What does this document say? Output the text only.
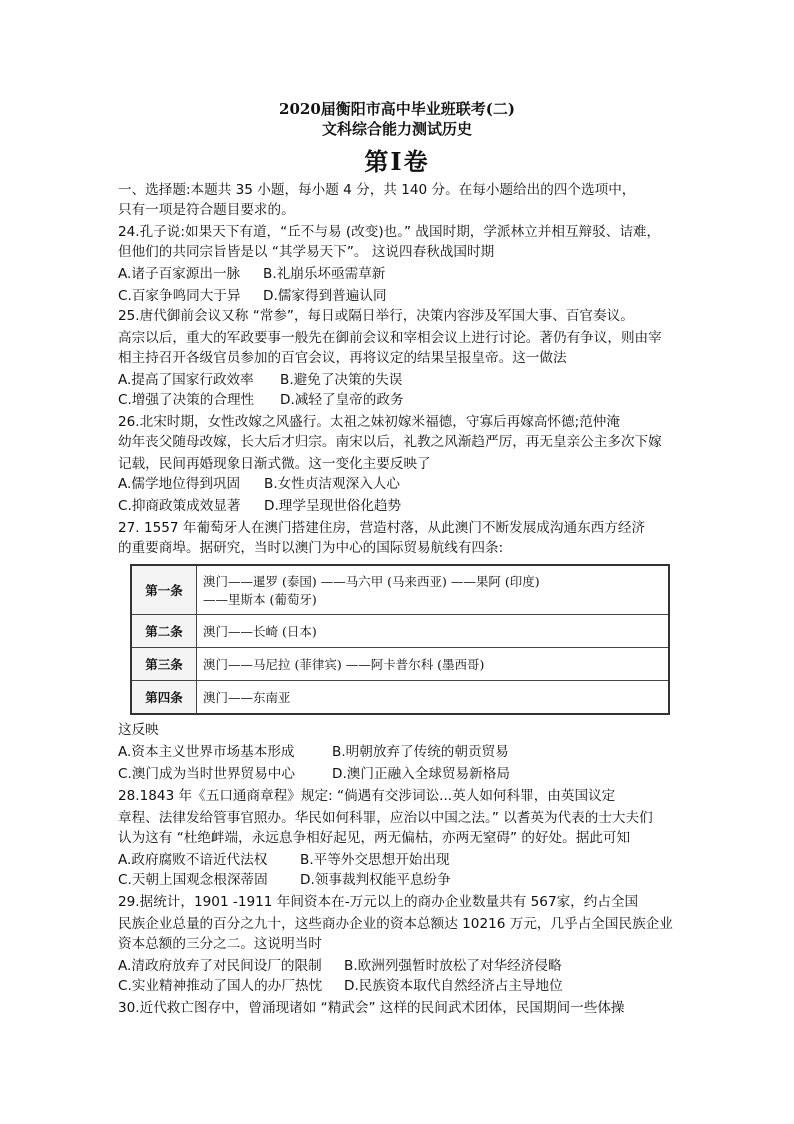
2020届衡阳市高中毕业班联考(二)
文科综合能力测试历史
第I卷
一、选择题:本题共 35 小题，每小题 4 分，共 140 分。在每小题给出的四个选项中，
只有一项是符合题目要求的。
24.孔子说:如果天下有道，“丘不与易 (改变)也。” 战国时期，学派林立并相互辩驳、诘难，
但他们的共同宗旨皆是以 “其学易天下”。 这说四春秋战国时期
A.诸子百家源出一脉 B.礼崩乐坏亟需草新
C.百家争鸣同大于异 D.儒家得到普遍认同
25.唐代御前会议又称 “常参”，每日或隔日举行，决策内容涉及军国大事、百官奏议。
高宗以后，重大的军政要事一般先在御前会议和宰相会议上进行讨论。著仍有争议，则由宰
相主持召开各级官员参加的百官会议，再将议定的结果呈报皇帝。这一做法
A.提高了国家行政效率 B.避免了决策的失误
C.增强了决策的合理性 D.减轻了皇帝的政务
26.北宋时期，女性改嫁之风盛行。太祖之妹初嫁米福德，守寡后再嫁高怀德;范仲淹
幼年丧父随母改嫁，长大后才归宗。南宋以后，礼教之风渐趋严厉，再无皇亲公主多次下嫁
记载，民间再婚现象日渐式微。这一变化主要反映了
A.儒学地位得到巩固 B.女性贞洁观深入人心
C.抑商政策成效显著 D.理学呈现世俗化趋势
27. 1557 年葡萄牙人在澳门搭建住房，营造村落，从此澳门不断发展成沟通东西方经济
的重要商埠。据研究，当时以澳门为中心的国际贸易航线有四条:
第一条	澳门——暹罗 (泰国) ——马六甲 (马来西亚) ——果阿 (印度)
——里斯本 (葡萄牙)

第二条	澳门——长崎 (日本)

第三条	澳门——马尼拉 (菲律宾) ——阿卡普尔科 (墨西哥)

第四条	澳门——东南亚
这反映
A.资本主义世界市场基本形成	B.明朝放弃了传统的朝贡贸易
C.澳门成为当时世界贸易中心	D.澳门正融入全球贸易新格局
28.1843 年《五口通商章程》规定: “倘遇有交涉词讼...英人如何科罪，由英国议定
章程、法律发给管事官照办。华民如何科罪，应治以中国之法。” 以耆英为代表的士大夫们
认为这有 “杜绝衅端，永远息争相好起见，两无偏枯，亦两无窒碍” 的好处。据此可知
A.政府腐败不谙近代法权 B.平等外交思想开始出现
C.天朝上国观念根深蒂固 D.领事裁判权能平息纷争
29.据统计，1901 -1911 年间资本在-万元以上的商办企业数量共有 567家，约占全国
民族企业总量的百分之九十，这些商办企业的资本总额达 10216 万元，几乎占全国民族企业
资本总额的三分之二。这说明当时
A.清政府放弃了对民间设厂的限制 B.欧洲列强暂时放松了对华经济侵略
C.实业精神推动了国人的办厂热忱 D.民族资本取代自然经济占主导地位
30.近代救亡图存中，曾涌现诸如 “精武会” 这样的民间武术团体，民国期间一些体操
